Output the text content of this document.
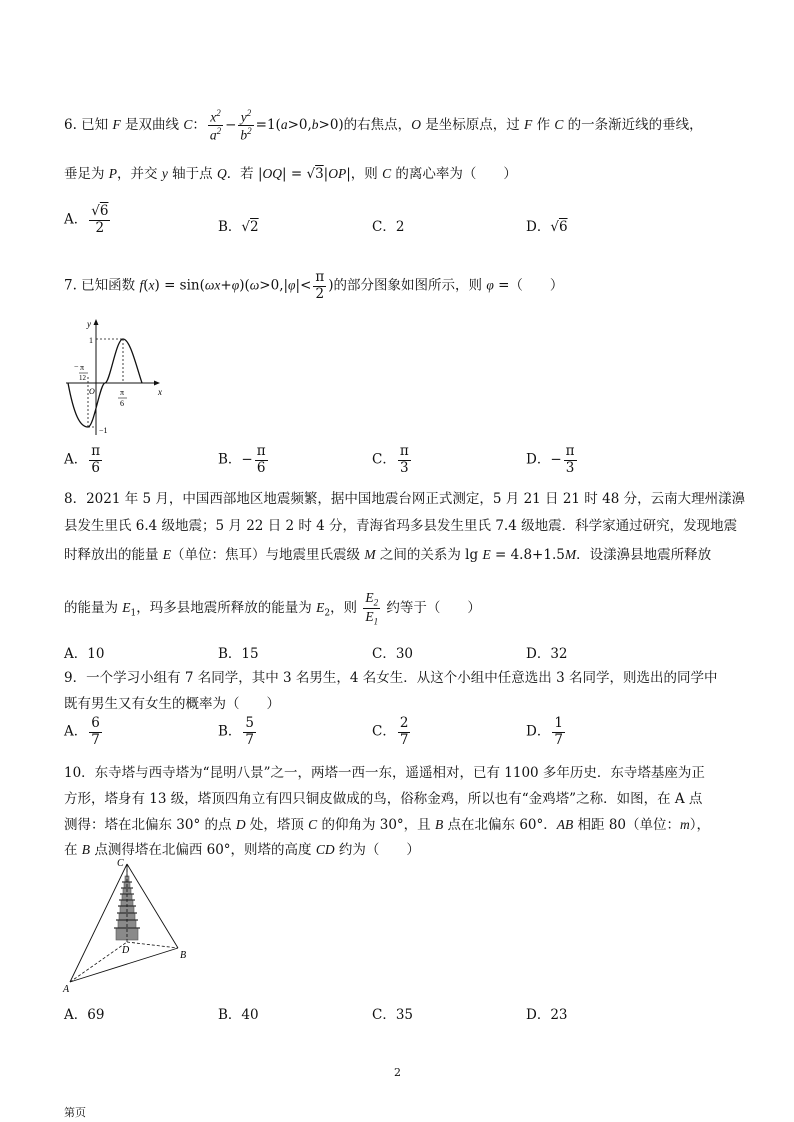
6. 已知 F 是双曲线 C： $\frac{x^2}{a^2} - \frac{y^2}{b^2} =1(a>0,b>0)$的右焦点，O 是坐标原点，过 F 作 C 的一条渐近线的垂线，
垂足为 P，并交 y 轴于点 Q．若 |OQ| = √3|OP|，则 C 的离心率为（　　）
A． $\frac{√6}{2}$	B．√2	C．2	D．√6
7. 已知函数 $f(x) = \sin(\omega x+\varphi)(\omega>0,|\varphi|< \frac{\pi}{2}$ )的部分图象如图所示，则 φ =（　　）
y
x
1
O
−1
− π
12
π
6
A． $\frac{\pi}{6}$	B．− $\frac{\pi}{6}$	C． $\frac{\pi}{3}$	D．− $\frac{\pi}{3}$
8．2021 年 5 月，中国西部地区地震频繁，据中国地震台网正式测定，5 月 21 日 21 时 48 分，云南大理州漾濞
县发生里氏 6.4 级地震；5 月 22 日 2 时 4 分，青海省玛多县发生里氏 7.4 级地震．科学家通过研究，发现地震
时释放出的能量 E（单位：焦耳）与地震里氏震级 M 之间的关系为 lg E = 4.8+1.5M．设漾濞县地震所释放
的能量为 $E_1$，玛多县地震所释放的能量为 $E_2$，则 $\frac{E_2}{E_1}$ 约等于（　　）
A．10	B．15	C．30	D．32
9．一个学习小组有 7 名同学，其中 3 名男生，4 名女生．从这个小组中任意选出 3 名同学，则选出的同学中
既有男生又有女生的概率为（　　）
A． $\frac{6}{7}$	B． $\frac{5}{7}$	C． $\frac{2}{7}$	D． $\frac{1}{7}$
10．东寺塔与西寺塔为“昆明八景”之一，两塔一西一东，遥遥相对，已有 1100 多年历史．东寺塔基座为正
方形，塔身有 13 级，塔顶四角立有四只铜皮做成的鸟，俗称金鸡，所以也有“金鸡塔”之称．如图，在 A 点
测得：塔在北偏东 30° 的点 D 处，塔顶 C 的仰角为 30°，且 B 点在北偏东 60°．AB 相距 80（单位：m），
在 B 点测得塔在北偏西 60°，则塔的高度 CD 约为（　　）
C
D	B
A
A．69	B．40	C．35	D．23
2
第页
